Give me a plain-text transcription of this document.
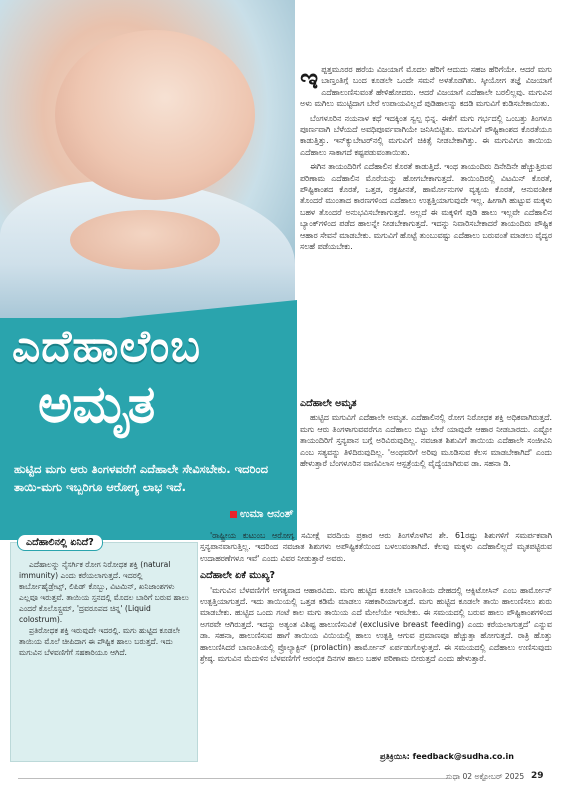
ಎದೆಹಾಲೆಂಬ
ಅಮೃತ
ಹುಟ್ಟಿದ ಮಗು ಆರು ತಿಂಗಳವರೆಗೆ ಎದೆಹಾಲೇ ಸೇವಿಸಬೇಕು. ಇದರಿಂದ ತಾಯಿ-ಮಗು ಇಬ್ಬರಿಗೂ ಆರೋಗ್ಯ ಲಾಭ ಇದೆ.
ಉಮಾ ಆನಂತ್
ಇ ಪ್ಪತ್ತಮೂರರ ಹರೆಯ ವಿಜಯಾಗೆ ಮೊದಲ ಹೆರಿಗೆ ಆದುದು ಸಹಜ ಹೆರಿಗೆಯೇ. ಆದರೆ ಮಗು ಬಾಣ್ತಂತಿಗ್ಗೆ ಬಂದ ಕೂಡಲೇ ಒಂದೇ ಸಮನೆ ಅಳತೊಡಗಿತು. ಸ್ಕೀಯೋಗ ತಜ್ಞೆ ವಿಜಯಾಗೆ ಎದೆಹಾಲುಣಿಸುವಂತೆ ಹೇಳಿಹೋದರು. ಆದರೆ ವಿಜಯಾಗೆ ಎದೆಹಾಲೇ ಬರಲಿಲ್ಲವು. ಮಗುವಿನ ಅಳು ಮಗಿಲು ಮುಟ್ಟಿದಾಗ ಬೇರೆ ಉಪಾಯವಿಲ್ಲದೆ ಪುಡಿಹಾಲನ್ನು ಕದಡಿ ಮಗುವಿಗೆ ಕುಡಿಸಬೇಕಾಯಿತು.

ಬೆಂಗಳೂರಿನ ನಯನಾಳ ಕಥೆ ಇದಕ್ಕಿಂತ ಸ್ವಲ್ಪ ಭಿನ್ನ. ಈಕೆಗೆ ಮಗು ಗರ್ಭದಲ್ಲಿ ಒಂಬತ್ತು ತಿಂಗಳೂ ಪೂರ್ಣವಾಗಿ ಬೆಳೆಯದೆ ಅವಧಿಪೂರ್ವವಾಗಿಯೇ ಜನಿಸಿಬಿಟ್ಟಿತು. ಮಗುವಿಗೆ ಪೌಷ್ಟಿಕಾಂಶದ ಕೊರತೆಯೂ ಕಾಡುತ್ತಿತ್ತು. ಇನ್‌ಕ್ಯುಬೇಟರ್‌ನಲ್ಲಿ ಮಗುವಿಗೆ ಚಿಕಿತ್ಸೆ ನೀಡಬೇಕಾಗಿತ್ತು. ಈ ಮಗುವಿಗೂ ತಾಯಿಯ ಎದೆಹಾಲು ಸಾಕಾಗದೆ ಕಷ್ಟಪಡುವಂತಾಯಿತು.

ಈಗಿನ ತಾಯಂದಿರಿಗೆ ಎದೆಹಾಲಿನ ಕೊರತೆ ಕಾಡುತ್ತಿದೆ. ಇಂಥ ತಾಯಂದಿರು ದಿನೇದಿನೇ ಹೆಚ್ಚುತ್ತಿರುವ ಪರಿಣಾಮ ಎದೆಹಾಲಿನ ಮೊರೆಯನ್ನು ಹೋಗಬೇಕಾಗುತ್ತದೆ. ತಾಯಿಂದಿರಲ್ಲಿ ವಿಟಮಿನ್ ಕೊರತೆ, ಪೌಷ್ಟಿಕಾಂಶದ ಕೊರತೆ, ಒತ್ತಡ, ರಕ್ತಹೀನತೆ, ಹಾರ್ಮೋನುಗಳ ವ್ಯತ್ಯಯ ಕೊರತೆ, ಆನುವಂಶೀಕ ತೊಂದರೆ ಮುಂತಾದ ಕಾರಣಗಳಿಂದ ಎದೆಹಾಲು ಉತ್ಪತ್ತಿಯಾಗುವುದೇ ಇಲ್ಲ. ಹೀಗಾಗಿ ಹುಟ್ಟುವ ಮಕ್ಕಳು ಬಹಳ ತೊಂದರೆ ಅನುಭವಿಸಬೇಕಾಗುತ್ತದೆ. ಅಲ್ಲದೆ ಈ ಮಕ್ಕಳಿಗೆ ಪುಡಿ ಹಾಲು ಇಲ್ಲವೇ ಎದೆಹಾಲಿನ ಬ್ಯಾಂಕ್‌ಗಳಿಂದ ಪಡೆದ ಹಾಲನ್ನೇ ನೀಡಬೇಕಾಗುತ್ತದೆ. ಇದನ್ನು ನಿವಾರಿಸಬೇಕಾದರೆ ತಾಯಂದಿರು ಪೌಷ್ಟಿಕ ಆಹಾರ ಸೇವನೆ ಮಾಡಬೇಕು. ಮಗುವಿಗೆ ಹೊಟ್ಟೆ ತುಂಬುವಷ್ಟು ಎದೆಹಾಲು ಬರುವಂತೆ ಮಾಡಲು ವೈದ್ಯರ ಸಲಹೆ ಪಡೆಯಬೇಕು.

ಎದೆಹಾಲೇ ಅಮೃತ

ಹುಟ್ಟಿದ ಮಗುವಿಗೆ ಎದೆಹಾಲೇ ಅಮೃತ. ಎದೆಹಾಲಿನಲ್ಲಿ ರೋಗ ನಿರೋಧಕ ಶಕ್ತಿ ಅಧಿಕವಾಗಿರುತ್ತದೆ. ಮಗು ಆರು ತಿಂಗಳಾಗುವವರೆಗೂ ಎದೆಹಾಲು ಬಿಟ್ಟು ಬೇರೆ ಯಾವುದೇ ಆಹಾರ ನೀಡಬಾರದು. ಎಷ್ಟೋ ತಾಯಂದಿರಿಗೆ ಸ್ತನ್ಯಪಾನ ಬಗ್ಗೆ ಅರಿವಿರುವುದಿಲ್ಲ. ನವಜಾತ ಶಿಶುವಿಗೆ ತಾಯಿಯ ಎದೆಹಾಲೇ ಸಂಜೀವಿನಿ ಎಂಬ ಸತ್ಯವನ್ನು ತಿಳಿದಿರುವುದಿಲ್ಲ. 'ಅಂಥವರಿಗೆ ಅರಿವು ಮೂಡಿಸುವ ಕೆಲಸ ಮಾಡಬೇಕಾಗಿದೆ' ಎಂದು ಹೇಳುತ್ತಾರೆ ಬೆಂಗಳೂರಿನ ವಾಣಿವಿಲಾಸ ಆಸ್ಪತ್ರೆಯಲ್ಲಿ ವೈದ್ಯೆಯಾಗಿರುವ ಡಾ. ಸಹನಾ ಡಿ.

'ರಾಷ್ಟ್ರೀಯ ಕುಟುಂಬ ಆರೋಗ್ಯ ಸಮೀಕ್ಷೆ ವರದಿಯ ಪ್ರಕಾರ ಆರು ತಿಂಗಳೊಳಗಿನ ಶೇ. 61ರಷ್ಟು ಶಿಶುಗಳಿಗೆ ಸಮರ್ಪಕವಾಗಿ ಸ್ತನ್ಯಪಾನವಾಗುತ್ತಿಲ್ಲ. ಇದರಿಂದ ನವಜಾತ ಶಿಶುಗಳು ಅಪೌಷ್ಟಿಕತೆಯಿಂದ ಬಳಲುವಂತಾಗಿದೆ. ಕೆಲವು ಮಕ್ಕಳು ಎದೆಹಾಲಿಲ್ಲದೆ ಮೃತಪಟ್ಟಿರುವ ಉದಾಹರಣೆಗಳೂ ಇವೆ' ಎಂದು ವಿವರ ನೀಡುತ್ತಾರೆ ಅವರು.

ಎದೆಹಾಲೇ ಏಕೆ ಮುಖ್ಯ?

'ಮಗುವಿನ ಬೆಳವಣಿಗೆಗೆ ಅಗತ್ಯವಾದ ಆಹಾರವಿದು. ಮಗು ಹುಟ್ಟಿದ ಕೂಡಲೇ ಬಾಣಂತಿಯ ದೇಹದಲ್ಲಿ ಆಕ್ಸಿಟೋಸಿನ್ ಎಂಬ ಹಾರ್ಮೋನ್ ಉತ್ಪತ್ತಿಯಾಗುತ್ತದೆ. ಇದು ತಾಯಿಯಲ್ಲಿ ಒತ್ತಡ ಕಡಿಮೆ ಮಾಡಲು ಸಹಕಾರಿಯಾಗುತ್ತದೆ. ಮಗು ಹುಟ್ಟಿದ ಕೂಡಲೇ ತಾಯಿ ಹಾಲುಣಿಸಲು ಶುರು ಮಾಡಬೇಕು. ಹುಟ್ಟಿದ ಒಂದು ಗಂಟೆ ಕಾಲ ಮಗು ತಾಯಿಯ ಎದೆ ಮೇಲೆಯೇ ಇರಬೇಕು. ಈ ಸಮಯದಲ್ಲಿ ಬರುವ ಹಾಲು ಪೌಷ್ಟಿಕಾಂಶಗಳಿಂದ ಅಗರವೇ ಆಗಿರುತ್ತದೆ. ಇದನ್ನು ಅತ್ಯಂತ ವಿಶಿಷ್ಟ ಹಾಲುಣಿಸುವಿಕೆ (exclusive breast feeding) ಎಂದು ಕರೆಯಲಾಗುತ್ತದೆ' ಎನ್ನುವ ಡಾ. ಸಹನಾ, ಹಾಲುಣಿಸುವ ಹಾಗೆ ತಾಯಿಯ ವಿಯಿಯಲ್ಲಿ ಹಾಲು ಉತ್ಪತ್ತಿ ಆಗುವ ಪ್ರಮಾಣವೂ ಹೆಚ್ಚುತ್ತಾ ಹೋಗುತ್ತದೆ. ರಾತ್ರಿ ಹೊತ್ತು ಹಾಲುಣಿಸಿದರೆ ಬಾಣಂತಿಯಲ್ಲಿ ಪ್ರೊಲ್ಯಾಕ್ಟಿನ್ (prolactin) ಹಾರ್ಮೋನ್ ಏರ್ಪಡುಗೊಳ್ಳುತ್ತದೆ. ಈ ಸಮಯದಲ್ಲಿ ಎದೆಹಾಲು ಉಣಿಸುವುದು ಶ್ರೇಷ್ಠ. ಮಗುವಿನ ಮೆದುಳಿನ ಬೆಳವಣಿಗೆಗೆ ಆರಂಭಿಕ ದಿನಗಳ ಹಾಲು ಬಹಳ ಪರಿಣಾಮ ಬೀರುತ್ತದೆ ಎಂದು ಹೇಳುತ್ತಾರೆ.

ಎದೆಹಾಲಿನಲ್ಲಿ ಏನಿದೆ?

ಎದೆಹಾಲನ್ನು ನೈಸರ್ಗಿಕ ರೋಗ ನಿರೋಧಕ ಶಕ್ತಿ (natural immunity) ಎಂದು ಕರೆಯಲಾಗುತ್ತದೆ. ಇದರಲ್ಲಿ ಕಾರ್ಬೋಹೈಡ್ರೇಟ್ಸ್, ಲಿಪಿಡ್ ಕೊಬ್ಬು, ವಿಟಮಿನ್, ಖನಿಜಾಂಶಗಳು ಎಲ್ಲವೂ ಇರುತ್ತವೆ. ತಾಯಿಯ ಸ್ತನದಲ್ಲಿ ಮೊದಲ ಬಾರಿಗೆ ಬರುವ ಹಾಲು ಎಂದರೆ ಕೊಲೊಸ್ಟ್ರಮ್, 'ದ್ರವರೂಪದ ಚಿನ್ನ' (Liquid colostrum).

ಪ್ರತಿರೋಧಕ ಶಕ್ತಿ ಇರುವುದೇ ಇದರಲ್ಲಿ. ಮಗು ಹುಟ್ಟಿದ ಕೂಡಲೇ ತಾಯಿಯ ಮೊಲೆ ಚೀಪಿದಾಗ ಈ ಪೌಷ್ಟಿಕ ಹಾಲು ಬರುತ್ತದೆ. ಇದು ಮಗುವಿನ ಬೆಳವಣಿಗೆಗೆ ಸಹಕಾರಿಯೂ ಆಗಿದೆ.

ಪ್ರತಿಕ್ರಿಯಿಸಿ: feedback@sudha.co.in
ಸುಧಾ 02 ಅಕ್ಟೋಬರ್ 2025 29
